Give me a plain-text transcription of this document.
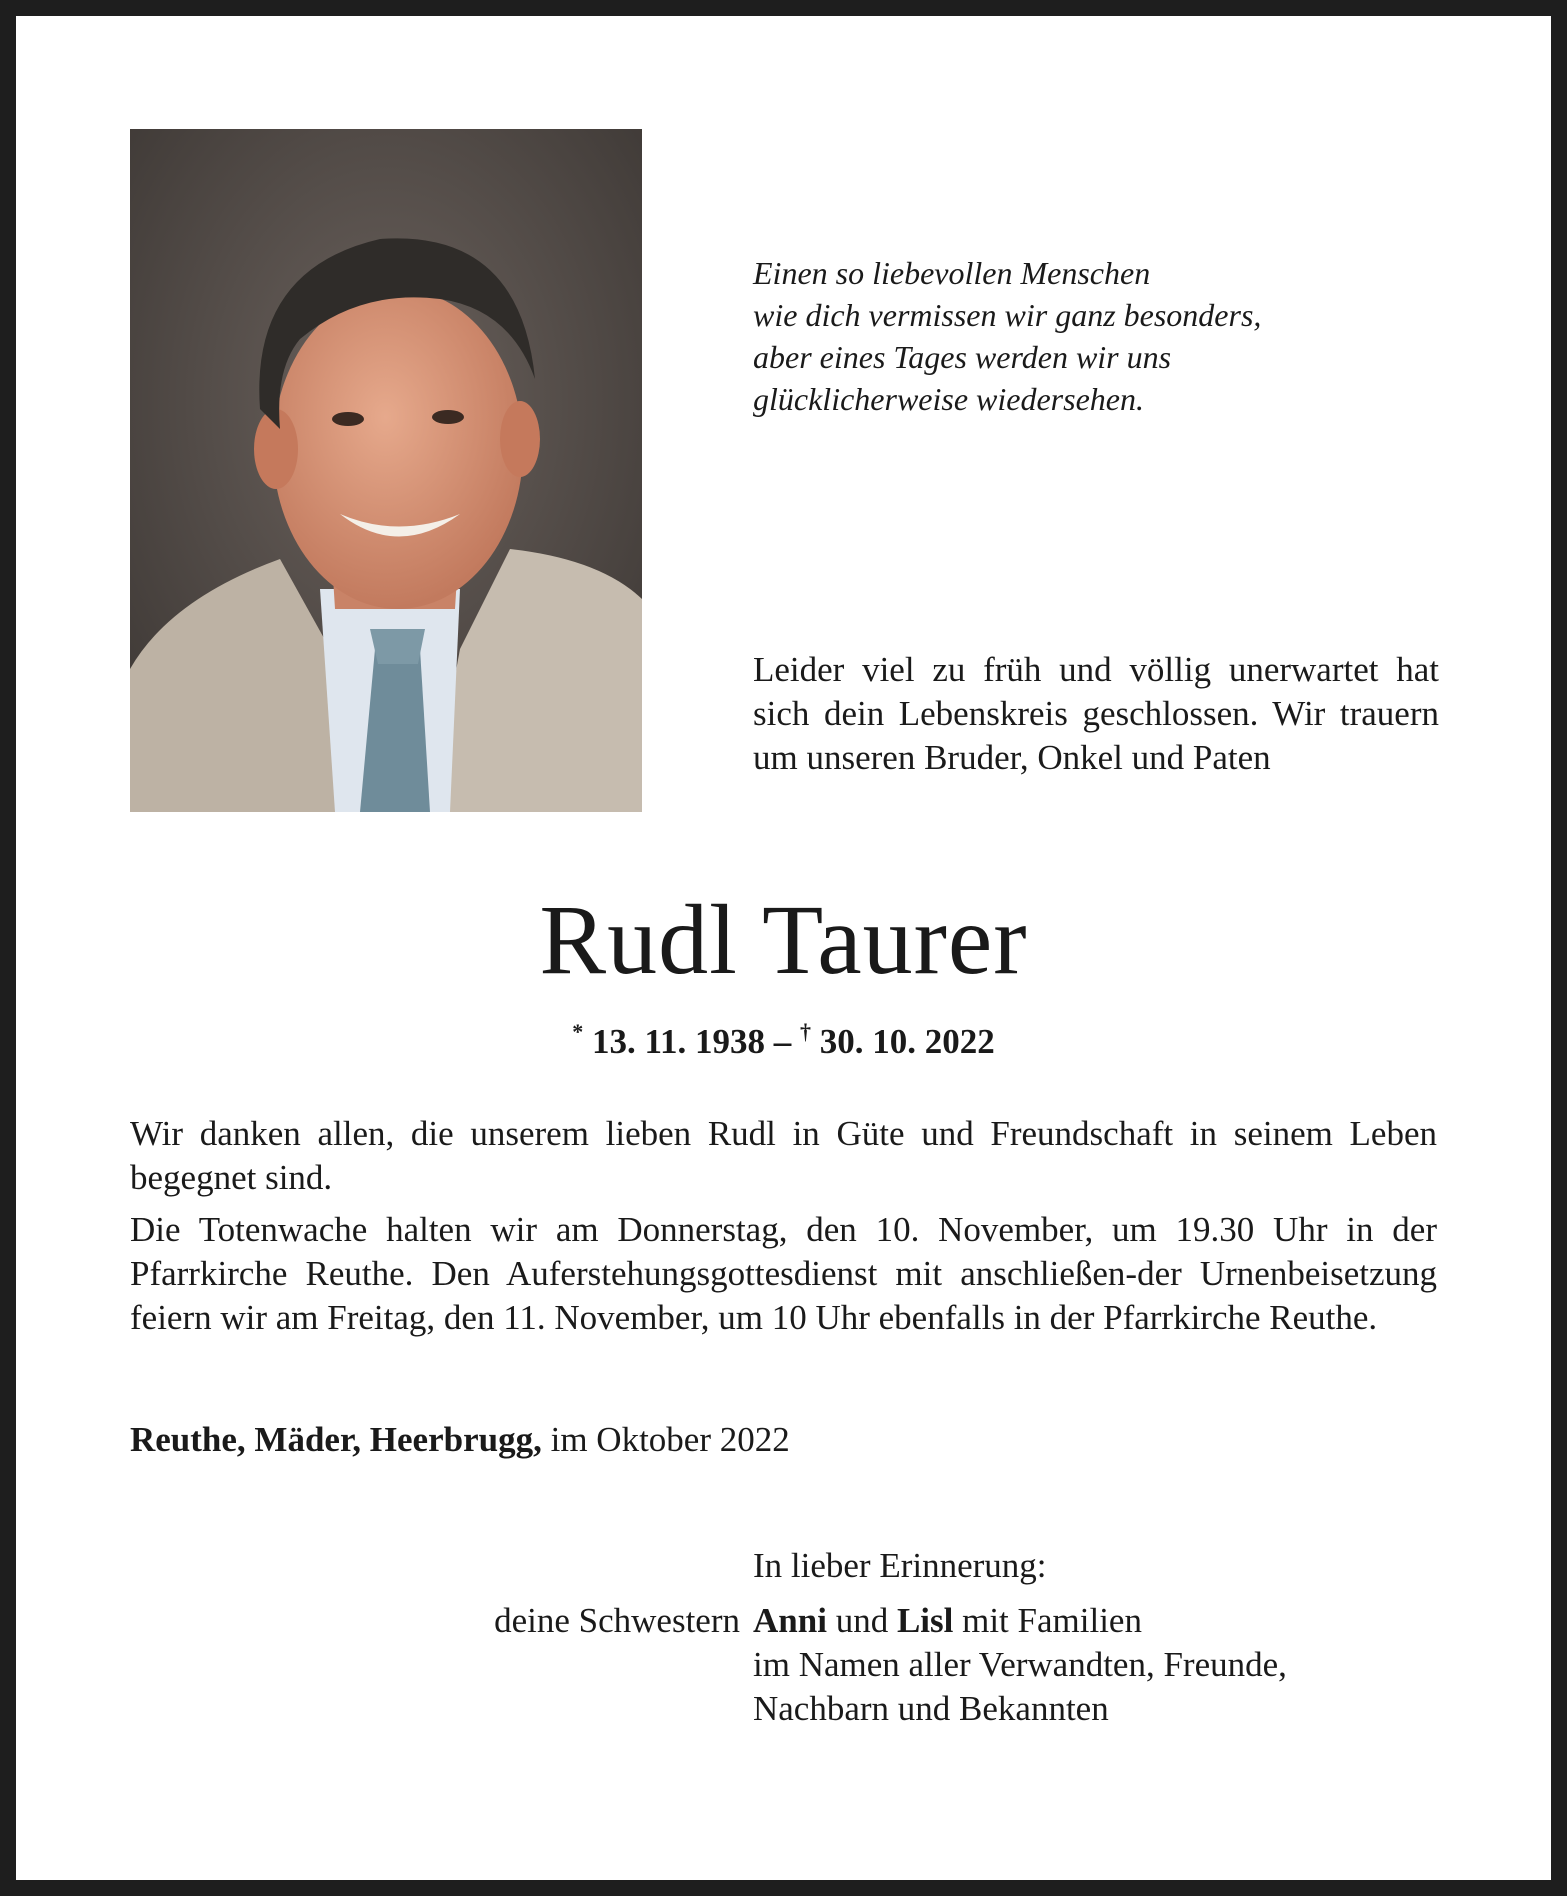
Einen so liebevollen Menschen
wie dich vermissen wir ganz besonders,
aber eines Tages werden wir uns
glücklicherweise wiedersehen.
Leider viel zu früh und völlig unerwartet hat sich dein Lebenskreis geschlossen. Wir trauern um unseren Bruder, Onkel und Paten
Rudl Taurer
* 13. 11. 1938 – † 30. 10. 2022

Wir danken allen, die unserem lieben Rudl in Güte und Freundschaft in seinem Leben begegnet sind.

Die Totenwache halten wir am Donnerstag, den 10. November, um 19.30 Uhr in der Pfarrkirche Reuthe. Den Auferstehungsgottesdienst mit anschließen-der Urnenbeisetzung feiern wir am Freitag, den 11. November, um 10 Uhr ebenfalls in der Pfarrkirche Reuthe.

Reuthe, Mäder, Heerbrugg, im Oktober 2022
In lieber Erinnerung:
deine Schwestern Anni und Lisl mit Familien
im Namen aller Verwandten, Freunde,
Nachbarn und Bekannten
